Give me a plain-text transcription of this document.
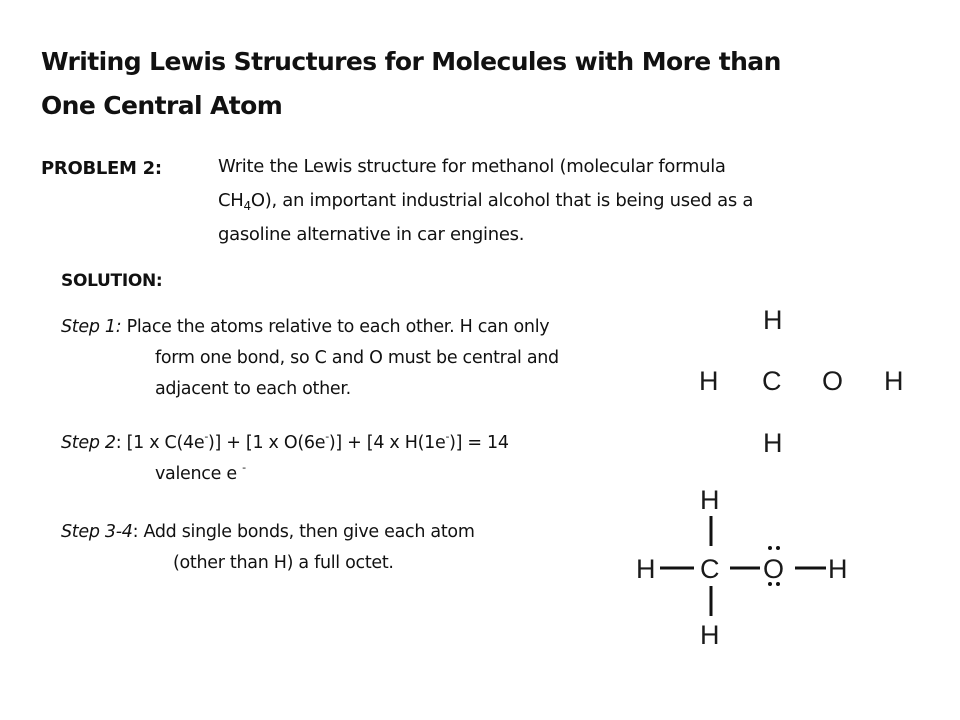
Writing Lewis Structures for Molecules with More than
One Central Atom
PROBLEM 2:	Write the Lewis structure for methanol (molecular formula
$CH_4O$), an important industrial alcohol that is being used as a
gasoline alternative in car engines.
SOLUTION:
Step 1: Place the atoms relative to each other. H can only
form one bond, so C and O must be central and
adjacent to each other.
Step 2: [1 x C(4e-)] + [1 x O(6e-)] + [4 x H(1e-)] = 14
valence e -
Step 3-4: Add single bonds, then give each atom
(other than H) a full octet.
H
H C O H
H
H
H C O H
H
